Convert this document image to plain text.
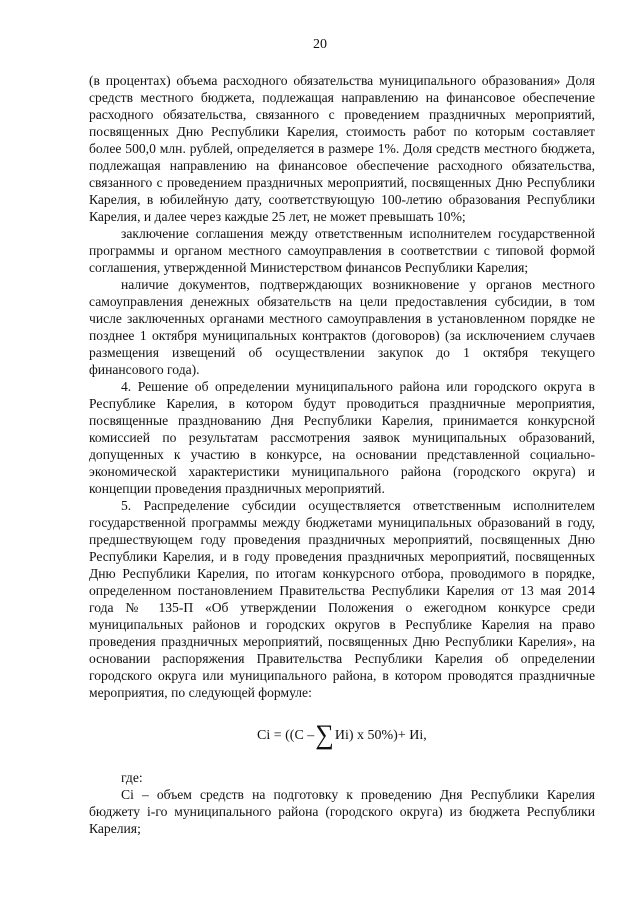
20

(в процентах) объема расходного обязательства муниципального образования» Доля средств местного бюджета, подлежащая направлению на финансовое обеспечение расходного обязательства, связанного с проведением праздничных мероприятий, посвященных Дню Республики Карелия, стоимость работ по которым составляет более 500,0 млн. рублей, определяется в размере 1%. Доля средств местного бюджета, подлежащая направлению на финансовое обеспечение расходного обязательства, связанного с проведением праздничных мероприятий, посвященных Дню Республики Карелия, в юбилейную дату, соответствующую 100-летию образования Республики Карелия, и далее через каждые 25 лет, не может превышать 10%;

заключение соглашения между ответственным исполнителем государственной программы и органом местного самоуправления в соответствии с типовой формой соглашения, утвержденной Министерством финансов Республики Карелия;

наличие документов, подтверждающих возникновение у органов местного самоуправления денежных обязательств на цели предоставления субсидии, в том числе заключенных органами местного самоуправления в установленном порядке не позднее 1 октября муниципальных контрактов (договоров) (за исключением случаев размещения извещений об осуществлении закупок до 1 октября текущего финансового года).

4. Решение об определении муниципального района или городского округа в Республике Карелия, в котором будут проводиться праздничные мероприятия, посвященные празднованию Дня Республики Карелия, принимается конкурсной комиссией по результатам рассмотрения заявок муниципальных образований, допущенных к участию в конкурсе, на основании представленной социально-экономической характеристики муниципального района (городского округа) и концепции проведения праздничных мероприятий.

5. Распределение субсидии осуществляется ответственным исполнителем государственной программы между бюджетами муниципальных образований в году, предшествующем году проведения праздничных мероприятий, посвященных Дню Республики Карелия, и в году проведения праздничных мероприятий, посвященных Дню Республики Карелия, по итогам конкурсного отбора, проводимого в порядке, определенном постановлением Правительства Республики Карелия от 13 мая 2014 года № 135-П «Об утверждении Положения о ежегодном конкурсе среди муниципальных районов и городских округов в Республике Карелия на право проведения праздничных мероприятий, посвященных Дню Республики Карелия», на основании распоряжения Правительства Республики Карелия об определении городского округа или муниципального района, в котором проводятся праздничные мероприятия, по следующей формуле:

Ci = ((C –∑Иi) x 50%)+ Иi,

где:

Ci – объем средств на подготовку к проведению Дня Республики Карелия бюджету i-го муниципального района (городского округа) из бюджета Республики Карелия;
